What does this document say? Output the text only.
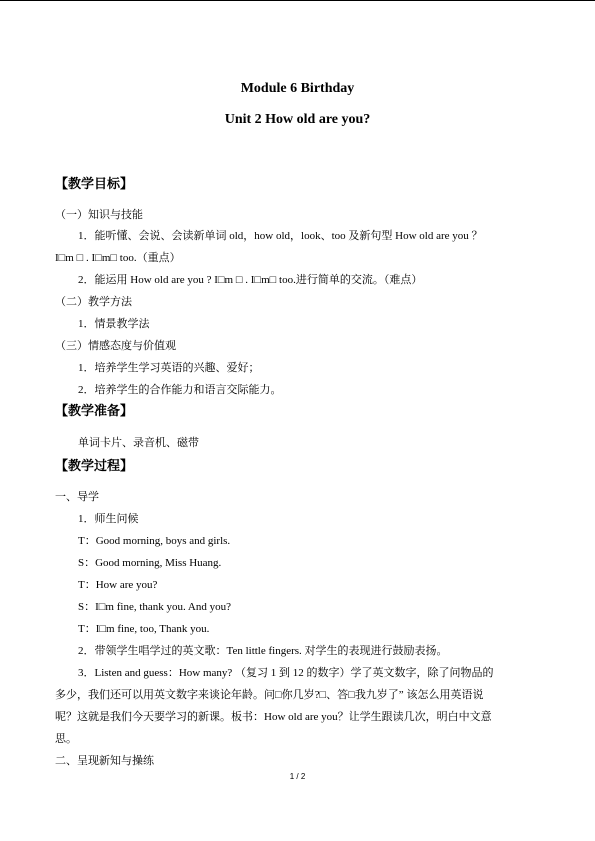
Module 6 Birthday
Unit 2 How old are you?
【教学目标】
（一）知识与技能
1．能听懂、会说、会读新单词 old，how old，look、too 及新句型 How old are you ？
I□m □ . I□m□ too.（重点）
2．能运用 How old are you ? I□m □ . I□m□ too.进行简单的交流。（难点）
（二）教学方法
1．情景教学法
（三）情感态度与价值观
1．培养学生学习英语的兴趣、爱好；
2．培养学生的合作能力和语言交际能力。
【教学准备】
单词卡片、录音机、磁带
【教学过程】
一、导学
1．师生问候
T：Good morning, boys and girls.
S：Good morning, Miss Huang.
T：How are you?
S：I□m fine, thank you. And you?
T：I□m fine, too, Thank you.
2．带领学生唱学过的英文歌：Ten little fingers. 对学生的表现进行鼓励表扬。
3．Listen and guess：How many? （复习 1 到 12 的数字）学了英文数字，除了问物品的
多少，我们还可以用英文数字来谈论年龄。问□你几岁?□、答□我九岁了” 该怎么用英语说
呢？这就是我们今天要学习的新课。板书：How old are you？让学生跟读几次，明白中文意
思。
二、呈现新知与操练
1 / 2
